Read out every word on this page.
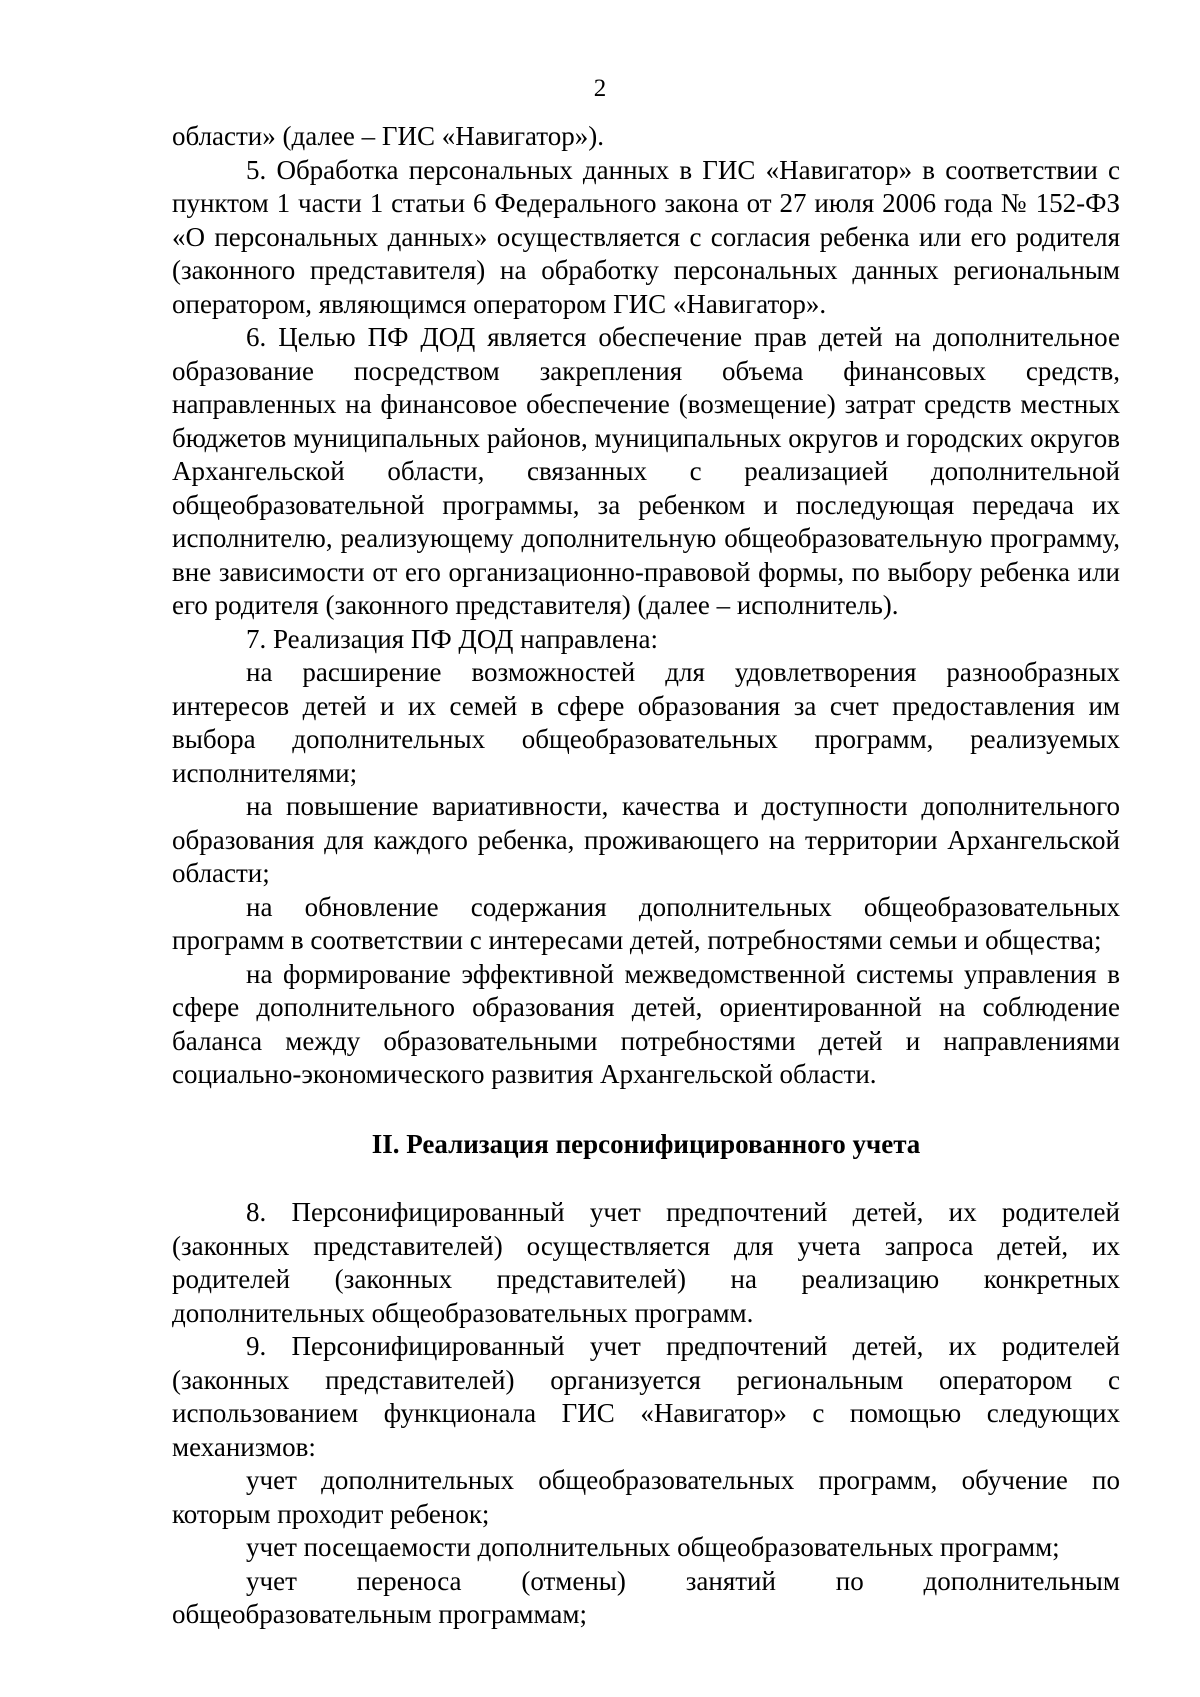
2

области» (далее – ГИС «Навигатор»).

5. Обработка персональных данных в ГИС «Навигатор» в соответствии с пунктом 1 части 1 статьи 6 Федерального закона от 27 июля 2006 года № 152-ФЗ «О персональных данных» осуществляется с согласия ребенка или его родителя (законного представителя) на обработку персональных данных региональным оператором, являющимся оператором ГИС «Навигатор».

6. Целью ПФ ДОД является обеспечение прав детей на дополнительное образование посредством закрепления объема финансовых средств, направленных на финансовое обеспечение (возмещение) затрат средств местных бюджетов муниципальных районов, муниципальных округов и городских округов Архангельской области, связанных с реализацией дополнительной общеобразовательной программы, за ребенком и последующая передача их исполнителю, реализующему дополнительную общеобразовательную программу, вне зависимости от его организационно-правовой формы, по выбору ребенка или его родителя (законного представителя) (далее – исполнитель).

7. Реализация ПФ ДОД направлена:

на расширение возможностей для удовлетворения разнообразных интересов детей и их семей в сфере образования за счет предоставления им выбора дополнительных общеобразовательных программ, реализуемых исполнителями;

на повышение вариативности, качества и доступности дополнительного образования для каждого ребенка, проживающего на территории Архангельской области;

на обновление содержания дополнительных общеобразовательных программ в соответствии с интересами детей, потребностями семьи и общества;

на формирование эффективной межведомственной системы управления в сфере дополнительного образования детей, ориентированной на соблюдение баланса между образовательными потребностями детей и направлениями социально-экономического развития Архангельской области.

II. Реализация персонифицированного учета

8. Персонифицированный учет предпочтений детей, их родителей (законных представителей) осуществляется для учета запроса детей, их родителей (законных представителей) на реализацию конкретных дополнительных общеобразовательных программ.

9. Персонифицированный учет предпочтений детей, их родителей (законных представителей) организуется региональным оператором с использованием функционала ГИС «Навигатор» с помощью следующих механизмов:

учет дополнительных общеобразовательных программ, обучение по которым проходит ребенок;

учет посещаемости дополнительных общеобразовательных программ;

учет переноса (отмены) занятий по дополнительным общеобразовательным программам;
